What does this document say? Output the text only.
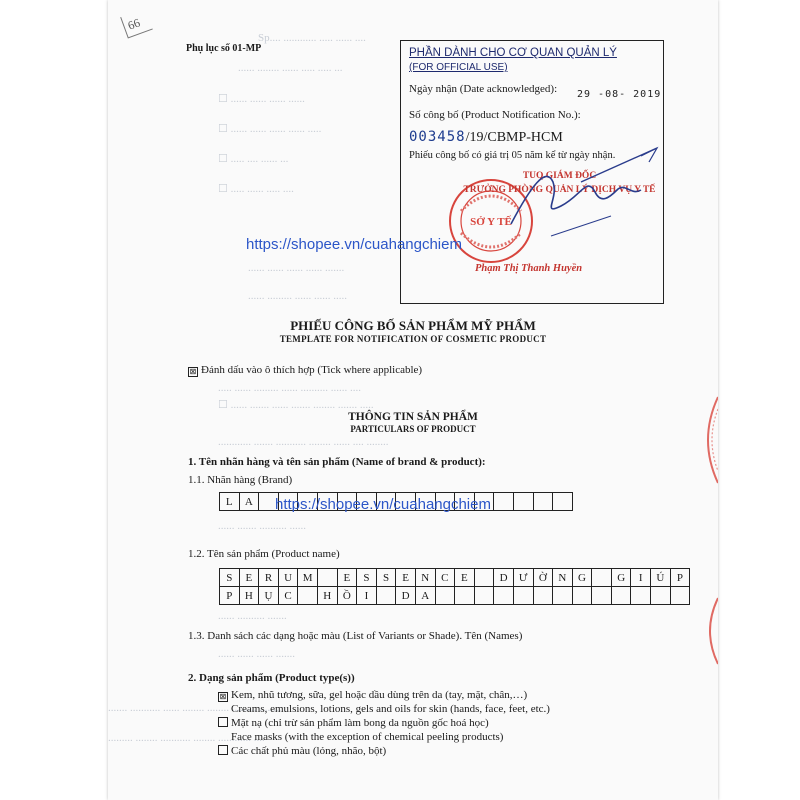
Sp.... ............ ..... ...... ....
...... ........ ...... ..... ..... ...
☐ ...... ...... ...... ......
☐ ...... ...... ...... ...... .....
☐ ..... .... ...... ...
☐ ..... ...... ..... ....
...... ...... ...... ...... .......
...... ......... ...... ...... .....
..... ...... ......... ...... .......... ...... ....
☐ ...... ....... ...... ....... ........ ....... .....
............ ....... ........... ........ ...... .... ........
...... ....... .......... ......
...... .......... .......
...... ...... ...... .......
....... ........... ...... ........ ........ ......... ........
......... ........ ........... ........ ............ ....
66
Phụ lục số 01-MP	PHẦN DÀNH CHO CƠ QUAN QUẢN LÝ
(FOR OFFICIAL USE)
Ngày nhận (Date acknowledged): 29 -08- 2019
Số công bố (Product Notification No.):
003458/19/CBMP-HCM
Phiếu công bố có giá trị 05 năm kể từ ngày nhận.
SỞ Y TẾ
TUQ.GIÁM ĐỐC
TRƯỞNG PHÒNG QUẢN LÝ DỊCH VỤ Y TẾ
Phạm Thị Thanh Huyền
https://shopee.vn/cuahangchiem
PHIẾU CÔNG BỐ SẢN PHẨM MỸ PHẨM
TEMPLATE FOR NOTIFICATION OF COSMETIC PRODUCT
⊠ Đánh dấu vào ô thích hợp (Tick where applicable)
THÔNG TIN SẢN PHẨM
PARTICULARS OF PRODUCT
1. Tên nhãn hàng và tên sản phẩm (Name of brand & product):
1.1. Nhãn hàng (Brand)
L	A																https://shopee.vn/cuahangchiem
1.2. Tên sản phẩm (Product name)
S	E	R	U	M		E	S	S	E	N	C	E		D	Ư	Ờ	N	G		G	I	Ú	P
P	H	Ụ	C		H	Ồ	I		D	A													
1.3. Danh sách các dạng hoặc màu (List of Variants or Shade). Tên (Names)
2. Dạng sản phẩm (Product type(s))
⊠ Kem, nhũ tương, sữa, gel hoặc dầu dùng trên da (tay, mặt, chân,…)
Creams, emulsions, lotions, gels and oils for skin (hands, face, feet, etc.)
Mặt nạ (chỉ trừ sản phẩm làm bong da nguồn gốc hoá học)
Face masks (with the exception of chemical peeling products)
Các chất phủ màu (lỏng, nhão, bột)
